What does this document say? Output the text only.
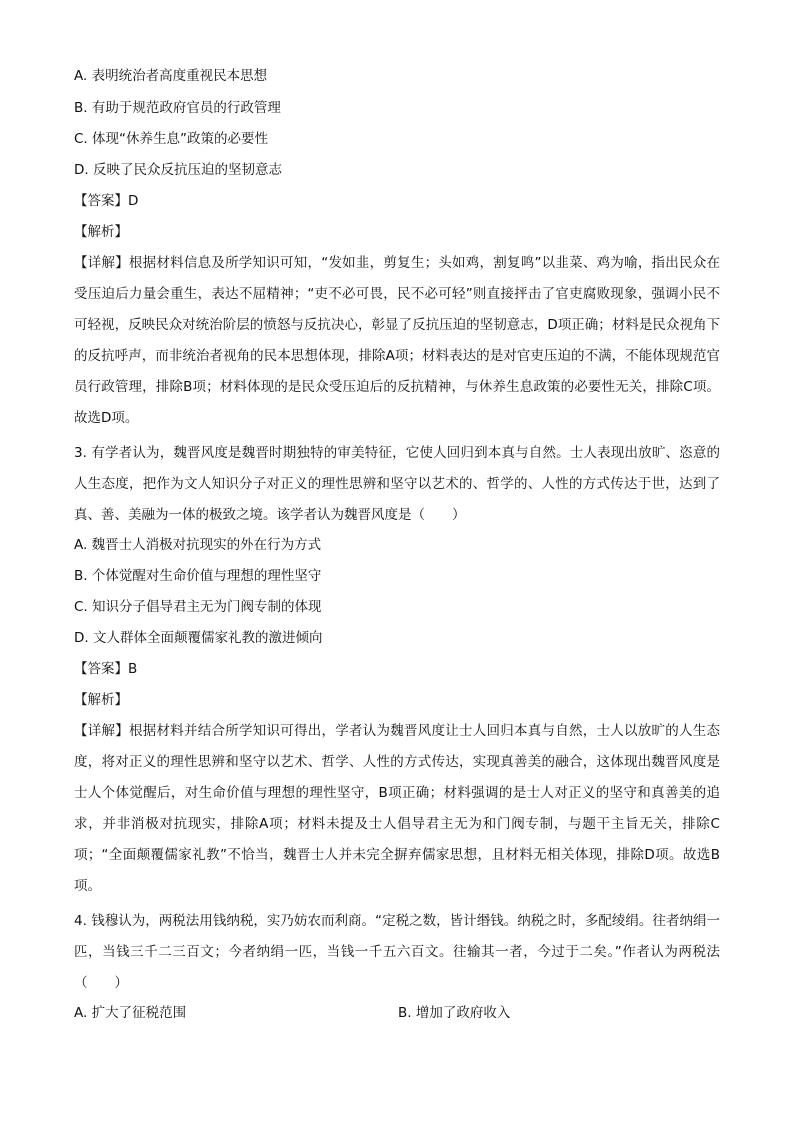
A. 表明统治者高度重视民本思想
B. 有助于规范政府官员的行政管理
C. 体现“休养生息”政策的必要性
D. 反映了民众反抗压迫的坚韧意志
【答案】D
【解析】
【详解】根据材料信息及所学知识可知，“发如韭，剪复生；头如鸡，割复鸣”以韭菜、鸡为喻，指出民众在受压迫后力量会重生，表达不屈精神；“吏不必可畏，民不必可轻”则直接抨击了官吏腐败现象，强调小民不可轻视，反映民众对统治阶层的愤怒与反抗决心，彰显了反抗压迫的坚韧意志，D项正确；材料是民众视角下的反抗呼声，而非统治者视角的民本思想体现，排除A项；材料表达的是对官吏压迫的不满，不能体现规范官员行政管理，排除B项；材料体现的是民众受压迫后的反抗精神，与休养生息政策的必要性无关，排除C项。故选D项。
3. 有学者认为，魏晋风度是魏晋时期独特的审美特征，它使人回归到本真与自然。士人表现出放旷、恣意的人生态度，把作为文人知识分子对正义的理性思辨和坚守以艺术的、哲学的、人性的方式传达于世，达到了真、善、美融为一体的极致之境。该学者认为魏晋风度是（　　）
A. 魏晋士人消极对抗现实的外在行为方式
B. 个体觉醒对生命价值与理想的理性坚守
C. 知识分子倡导君主无为门阀专制的体现
D. 文人群体全面颠覆儒家礼教的激进倾向
【答案】B
【解析】
【详解】根据材料并结合所学知识可得出，学者认为魏晋风度让士人回归本真与自然，士人以放旷的人生态度，将对正义的理性思辨和坚守以艺术、哲学、人性的方式传达，实现真善美的融合，这体现出魏晋风度是士人个体觉醒后，对生命价值与理想的理性坚守，B项正确；材料强调的是士人对正义的坚守和真善美的追求，并非消极对抗现实，排除A项；材料未提及士人倡导君主无为和门阀专制，与题干主旨无关，排除C项；“全面颠覆儒家礼教”不恰当，魏晋士人并未完全摒弃儒家思想，且材料无相关体现，排除D项。故选B项。
4. 钱穆认为，两税法用钱纳税，实乃妨农而利商。“定税之数，皆计缗钱。纳税之时，多配绫绢。往者纳绢一匹，当钱三千二三百文；今者纳绢一匹，当钱一千五六百文。往输其一者，今过于二矣。”作者认为两税法（　　）
A. 扩大了征税范围	B. 增加了政府收入
